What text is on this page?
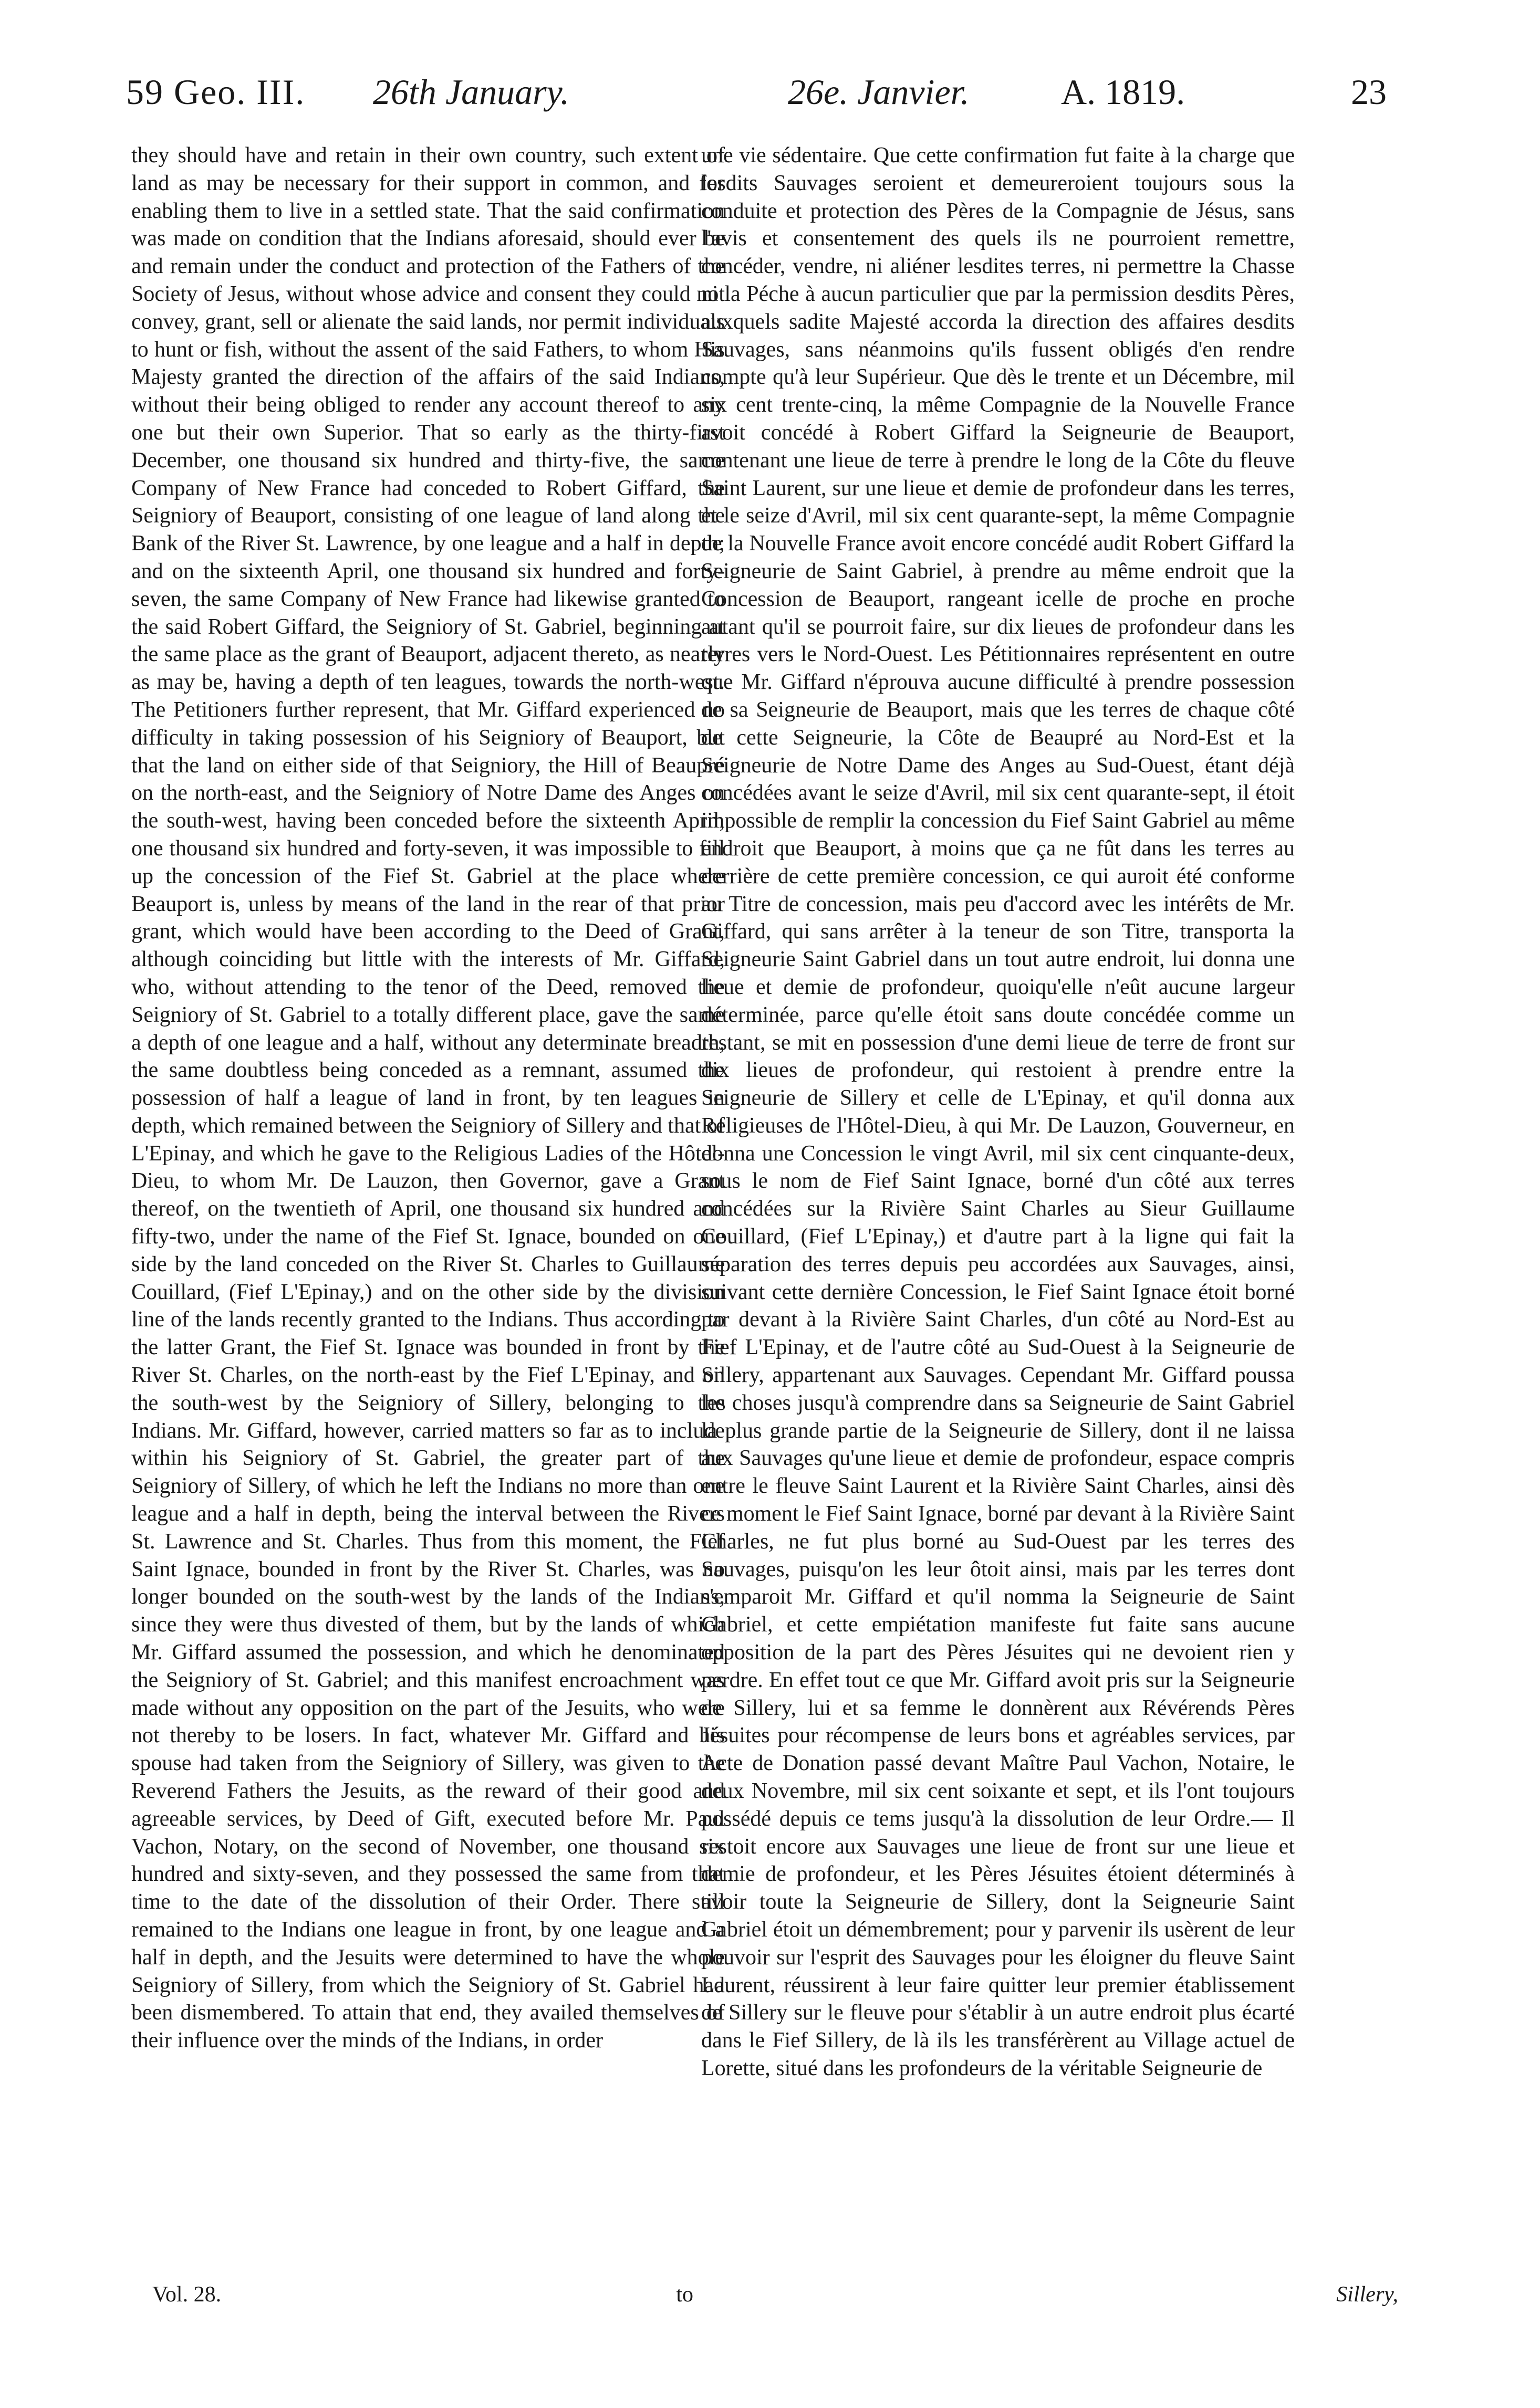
59 Geo. III. 26th January.	26e. Janvier.	A. 1819.	23

they should have and retain in their own country, such extent of land as may be necessary for their support in common, and for enabling them to live in a settled state. That the said confirmation was made on condition that the Indians aforesaid, should ever be and remain under the conduct and protection of the Fathers of the Society of Jesus, without whose advice and consent they could not convey, grant, sell or alienate the said lands, nor permit individuals to hunt or fish, without the assent of the said Fathers, to whom His Majesty granted the direction of the affairs of the said Indians, without their being obliged to render any account thereof to any one but their own Superior. That so early as the thirty-first December, one thousand six hundred and thirty-five, the same Company of New France had conceded to Robert Giffard, the Seigniory of Beauport, consisting of one league of land along the Bank of the River St. Lawrence, by one league and a half in depth; and on the sixteenth April, one thousand six hundred and forty-seven, the same Company of New France had likewise granted to the said Robert Giffard, the Seigniory of St. Gabriel, beginning at the same place as the grant of Beauport, adjacent thereto, as nearly as may be, having a depth of ten leagues, towards the north-west. The Petitioners further represent, that Mr. Giffard experienced no difficulty in taking possession of his Seigniory of Beauport, but that the land on either side of that Seigniory, the Hill of Beaupré on the north-east, and the Seigniory of Notre Dame des Anges on the south-west, having been conceded before the sixteenth April, one thousand six hundred and forty-seven, it was impossible to fill up the concession of the Fief St. Gabriel at the place where Beauport is, unless by means of the land in the rear of that prior grant, which would have been according to the Deed of Grant, although coinciding but little with the interests of Mr. Giffard, who, without attending to the tenor of the Deed, removed the Seigniory of St. Gabriel to a totally different place, gave the same a depth of one league and a half, without any determinate breadth, the same doubtless being conceded as a remnant, assumed the possession of half a league of land in front, by ten leagues in depth, which remained between the Seigniory of Sillery and that of L'Epinay, and which he gave to the Religious Ladies of the Hôtel-Dieu, to whom Mr. De Lauzon, then Governor, gave a Grant thereof, on the twentieth of April, one thousand six hundred and fifty-two, under the name of the Fief St. Ignace, bounded on one side by the land conceded on the River St. Charles to Guillaume Couillard, (Fief L'Epinay,) and on the other side by the division line of the lands recently granted to the Indians. Thus according to the latter Grant, the Fief St. Ignace was bounded in front by the River St. Charles, on the north-east by the Fief L'Epinay, and on the south-west by the Seigniory of Sillery, belonging to the Indians. Mr. Giffard, however, carried matters so far as to include within his Seigniory of St. Gabriel, the greater part of the Seigniory of Sillery, of which he left the Indians no more than one league and a half in depth, being the interval between the Rivers St. Lawrence and St. Charles. Thus from this moment, the Fief Saint Ignace, bounded in front by the River St. Charles, was no longer bounded on the south-west by the lands of the Indians, since they were thus divested of them, but by the lands of which Mr. Giffard assumed the possession, and which he denominated the Seigniory of St. Gabriel; and this manifest encroachment was made without any opposition on the part of the Jesuits, who were not thereby to be losers. In fact, whatever Mr. Giffard and his spouse had taken from the Seigniory of Sillery, was given to the Reverend Fathers the Jesuits, as the reward of their good and agreeable services, by Deed of Gift, executed before Mr. Paul Vachon, Notary, on the second of November, one thousand six hundred and sixty-seven, and they possessed the same from that time to the date of the dissolution of their Order. There still remained to the Indians one league in front, by one league and a half in depth, and the Jesuits were determined to have the whole Seigniory of Sillery, from which the Seigniory of St. Gabriel had been dismembered. To attain that end, they availed themselves of their influence over the minds of the Indians, in order

une vie sédentaire. Que cette confirmation fut faite à la charge que lesdits Sauvages seroient et demeureroient toujours sous la conduite et protection des Pères de la Compagnie de Jésus, sans l'avis et consentement des quels ils ne pourroient remettre, concéder, vendre, ni aliéner lesdites terres, ni permettre la Chasse ni la Péche à aucun particulier que par la permission desdits Pères, auxquels sadite Majesté accorda la direction des affaires desdits Sauvages, sans néanmoins qu'ils fussent obligés d'en rendre compte qu'à leur Supérieur. Que dès le trente et un Décembre, mil six cent trente-cinq, la même Compagnie de la Nouvelle France avoit concédé à Robert Giffard la Seigneurie de Beauport, contenant une lieue de terre à prendre le long de la Côte du fleuve Saint Laurent, sur une lieue et demie de profondeur dans les terres, et le seize d'Avril, mil six cent quarante-sept, la même Compagnie de la Nouvelle France avoit encore concédé audit Robert Giffard la Seigneurie de Saint Gabriel, à prendre au même endroit que la Concession de Beauport, rangeant icelle de proche en proche autant qu'il se pourroit faire, sur dix lieues de profondeur dans les terres vers le Nord-Ouest. Les Pétitionnaires représentent en outre que Mr. Giffard n'éprouva aucune difficulté à prendre possession de sa Seigneurie de Beauport, mais que les terres de chaque côté de cette Seigneurie, la Côte de Beaupré au Nord-Est et la Seigneurie de Notre Dame des Anges au Sud-Ouest, étant déjà concédées avant le seize d'Avril, mil six cent quarante-sept, il étoit impossible de remplir la concession du Fief Saint Gabriel au même endroit que Beauport, à moins que ça ne fût dans les terres au derrière de cette première concession, ce qui auroit été conforme au Titre de concession, mais peu d'accord avec les intérêts de Mr. Giffard, qui sans arrêter à la teneur de son Titre, transporta la Seigneurie Saint Gabriel dans un tout autre endroit, lui donna une lieue et demie de profondeur, quoiqu'elle n'eût aucune largeur déterminée, parce qu'elle étoit sans doute concédée comme un restant, se mit en possession d'une demi lieue de terre de front sur dix lieues de profondeur, qui restoient à prendre entre la Seigneurie de Sillery et celle de L'Epinay, et qu'il donna aux Religieuses de l'Hôtel-Dieu, à qui Mr. De Lauzon, Gouverneur, en donna une Concession le vingt Avril, mil six cent cinquante-deux, sous le nom de Fief Saint Ignace, borné d'un côté aux terres concédées sur la Rivière Saint Charles au Sieur Guillaume Couillard, (Fief L'Epinay,) et d'autre part à la ligne qui fait la séparation des terres depuis peu accordées aux Sauvages, ainsi, suivant cette dernière Concession, le Fief Saint Ignace étoit borné par devant à la Rivière Saint Charles, d'un côté au Nord-Est au Fief L'Epinay, et de l'autre côté au Sud-Ouest à la Seigneurie de Sillery, appartenant aux Sauvages. Cependant Mr. Giffard poussa les choses jusqu'à comprendre dans sa Seigneurie de Saint Gabriel la plus grande partie de la Seigneurie de Sillery, dont il ne laissa aux Sauvages qu'une lieue et demie de profondeur, espace compris entre le fleuve Saint Laurent et la Rivière Saint Charles, ainsi dès ce moment le Fief Saint Ignace, borné par devant à la Rivière Saint Charles, ne fut plus borné au Sud-Ouest par les terres des Sauvages, puisqu'on les leur ôtoit ainsi, mais par les terres dont s'emparoit Mr. Giffard et qu'il nomma la Seigneurie de Saint Gabriel, et cette empiétation manifeste fut faite sans aucune opposition de la part des Pères Jésuites qui ne devoient rien y perdre. En effet tout ce que Mr. Giffard avoit pris sur la Seigneurie de Sillery, lui et sa femme le donnèrent aux Révérends Pères Jésuites pour récompense de leurs bons et agréables services, par Acte de Donation passé devant Maître Paul Vachon, Notaire, le deux Novembre, mil six cent soixante et sept, et ils l'ont toujours possédé depuis ce tems jusqu'à la dissolution de leur Ordre.— Il restoit encore aux Sauvages une lieue de front sur une lieue et demie de profondeur, et les Pères Jésuites étoient déterminés à avoir toute la Seigneurie de Sillery, dont la Seigneurie Saint Gabriel étoit un démembrement; pour y parvenir ils usèrent de leur pouvoir sur l'esprit des Sauvages pour les éloigner du fleuve Saint Laurent, réussirent à leur faire quitter leur premier établissement de Sillery sur le fleuve pour s'établir à un autre endroit plus écarté dans le Fief Sillery, de là ils les transférèrent au Village actuel de Lorette, situé dans les profondeurs de la véritable Seigneurie de

Vol. 28.	to	Sillery,
